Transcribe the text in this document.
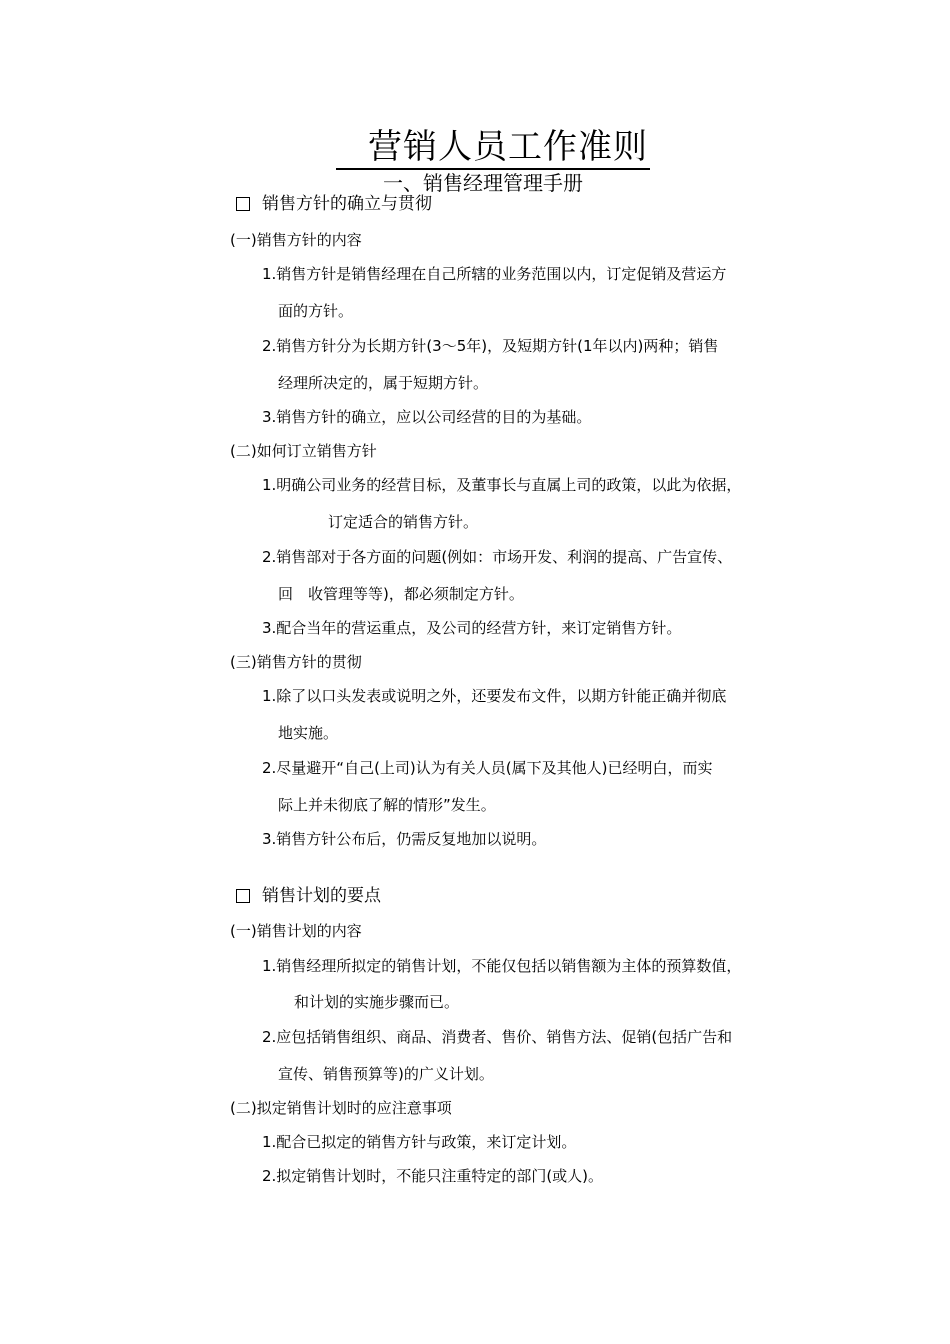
营销人员工作准则
一、销售经理管理手册
销售方针的确立与贯彻
(一)销售方针的内容
1.销售方针是销售经理在自己所辖的业务范围以内，订定促销及营运方
面的方针。
2.销售方针分为长期方针(3～5年)，及短期方针(1年以内)两种；销售
经理所决定的，属于短期方针。
3.销售方针的确立，应以公司经营的目的为基础。
(二)如何订立销售方针
1.明确公司业务的经营目标，及董事长与直属上司的政策，以此为依据，
订定适合的销售方针。
2.销售部对于各方面的问题(例如：市场开发、利润的提高、广告宣传、
回　收管理等等)，都必须制定方针。
3.配合当年的营运重点，及公司的经营方针，来订定销售方针。
(三)销售方针的贯彻
1.除了以口头发表或说明之外，还要发布文件，以期方针能正确并彻底
地实施。
2.尽量避开“自己(上司)认为有关人员(属下及其他人)已经明白，而实
际上并未彻底了解的情形”发生。
3.销售方针公布后，仍需反复地加以说明。
销售计划的要点
(一)销售计划的内容
1.销售经理所拟定的销售计划，不能仅包括以销售额为主体的预算数值，
和计划的实施步骤而已。
2.应包括销售组织、商品、消费者、售价、销售方法、促销(包括广告和
宣传、销售预算等)的广义计划。
(二)拟定销售计划时的应注意事项
1.配合已拟定的销售方针与政策，来订定计划。
2.拟定销售计划时，不能只注重特定的部门(或人)。
